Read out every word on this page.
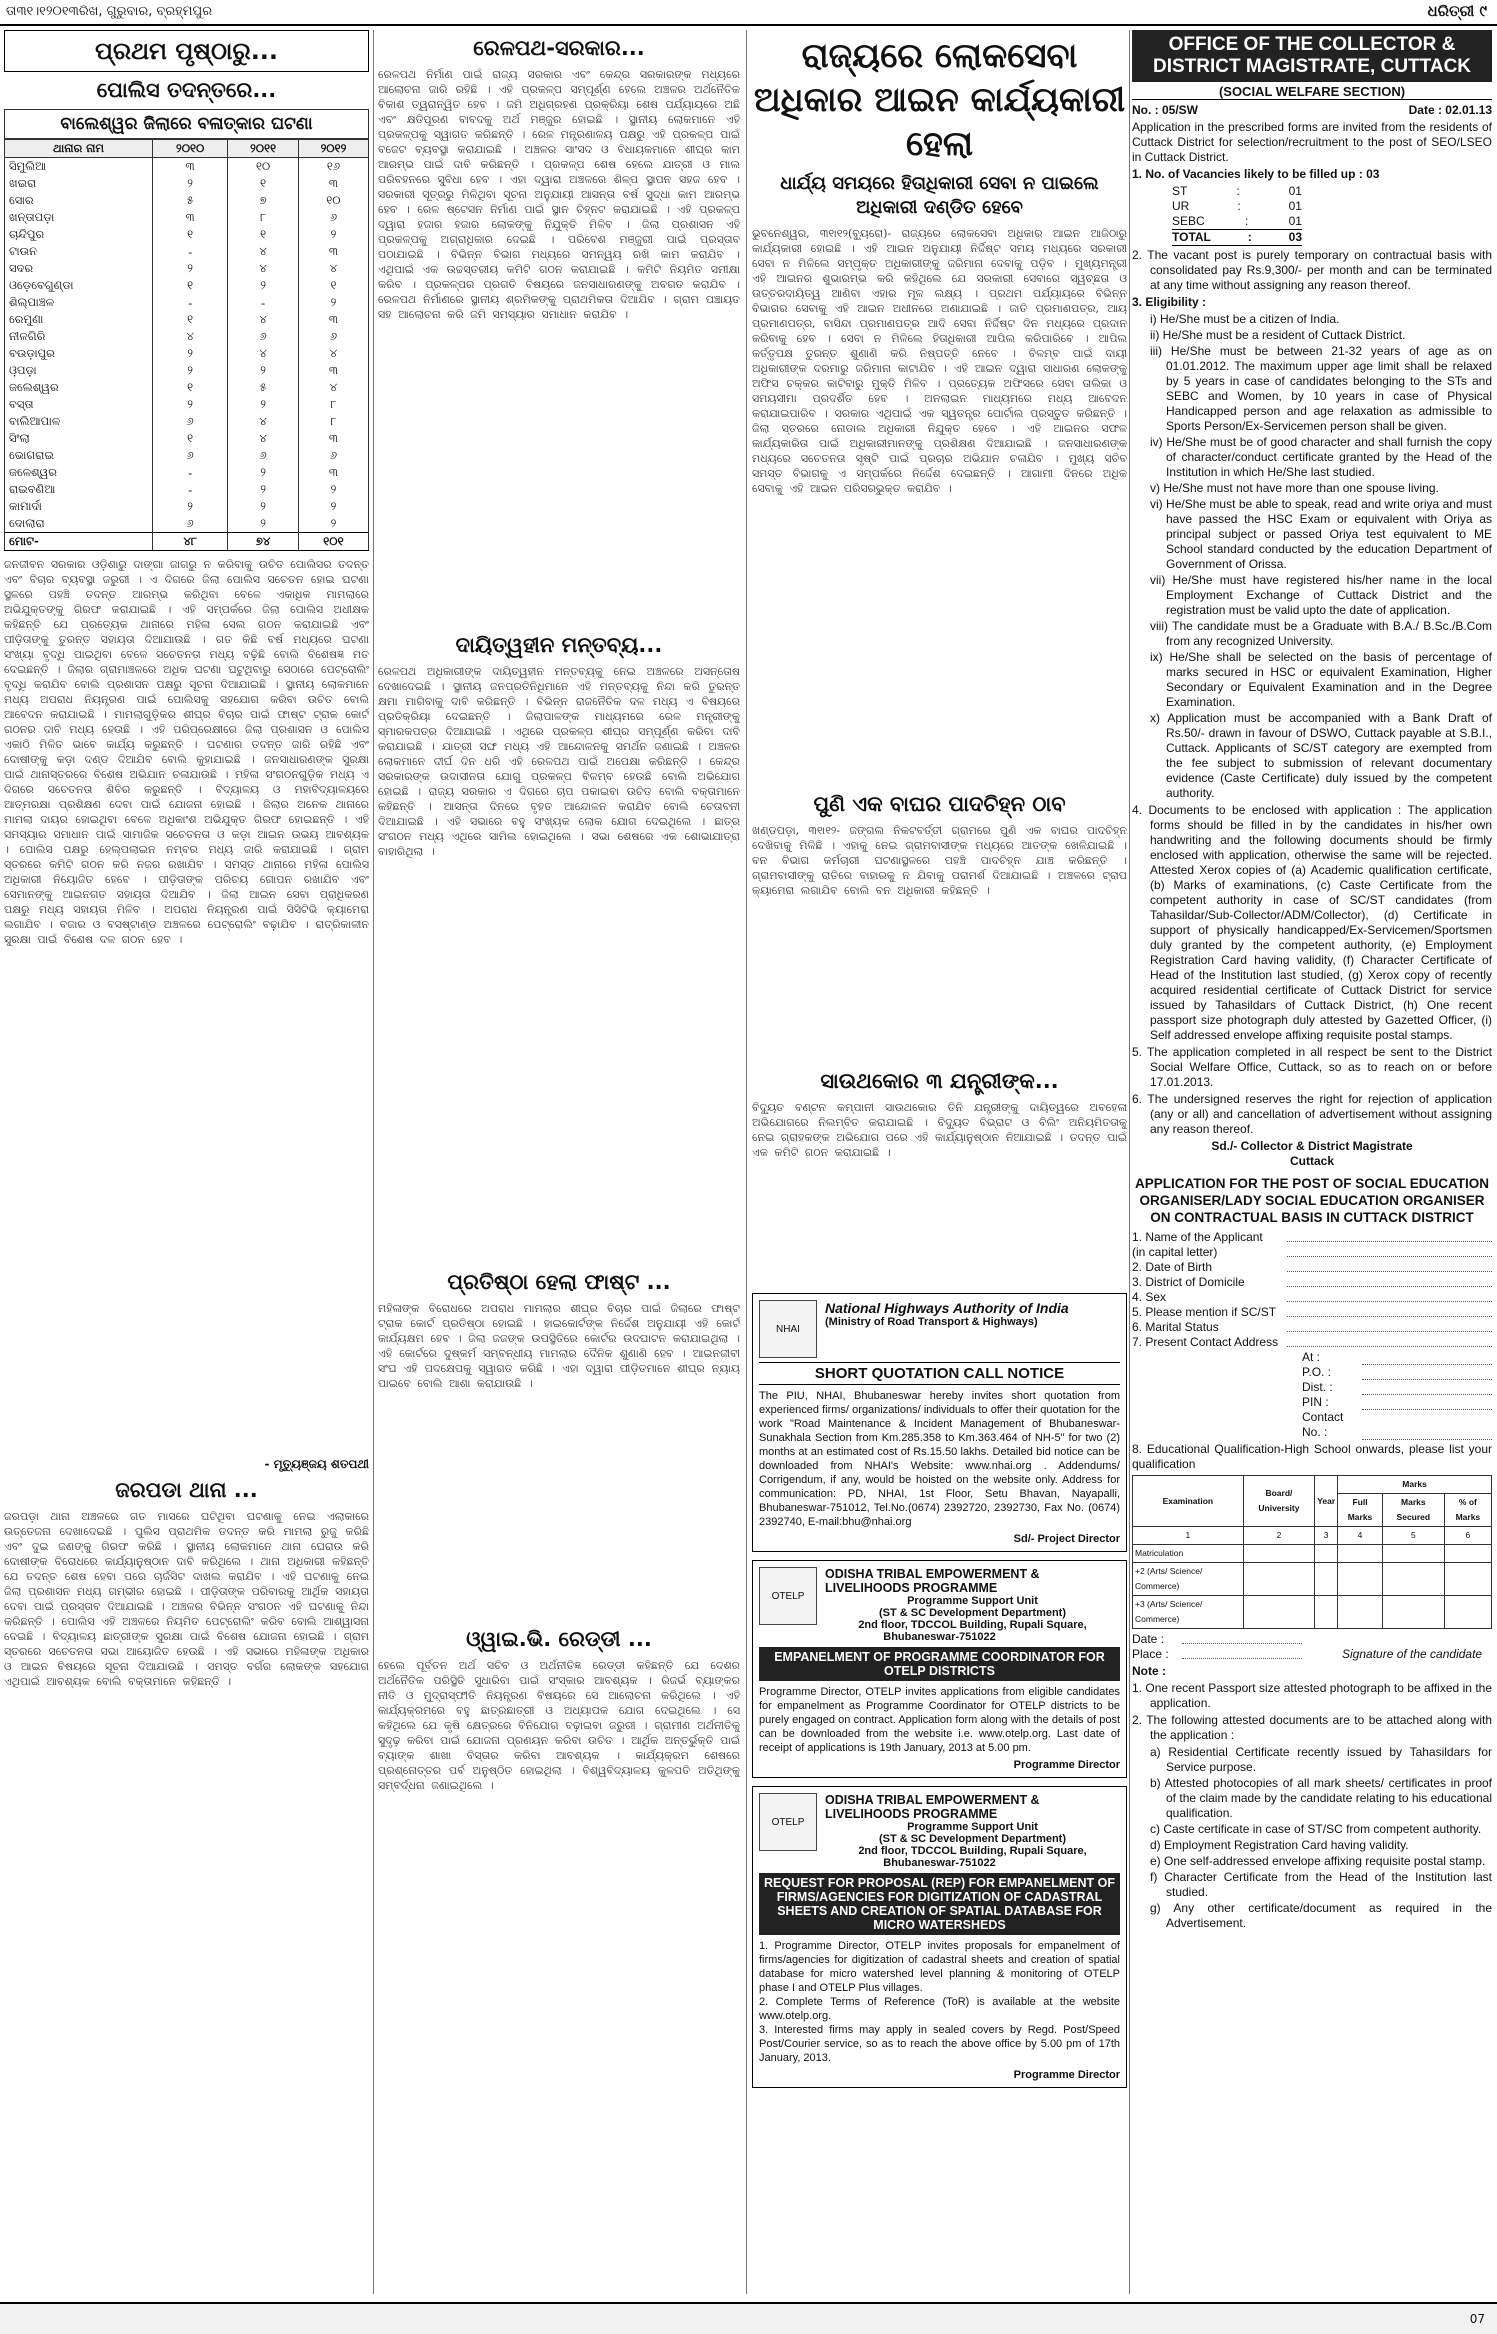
ତା୩୧।୧୨୦୧୩ରିଖ, ଗୁରୁବାର, ବ୍ରହ୍ମପୁର	ଧରିତ୍ରୀ ୯
ପ୍ରଥମ ପୃଷ୍ଠାରୁ...
ପୋଲିସ ତଦନ୍ତରେ...
ବାଲେଶ୍ୱର ଜିଲାରେ ବଳାତ୍କାର ଘଟଣା
ଥାନାର ନାମ	୨୦୧୦	୨୦୧୧	୨୦୧୨
ସିମୁଲିଆ	୩	୧୦	୧୬
ଖଇରା	୨	୧	୩
ସୋର	୫	୭	୧୦
ଖନ୍ତାପଡ଼ା	୩	୮	୬
ଚାନ୍ଦିପୁର	୧	୧	୨
ଟାଉନ	-	୪	୩
ସଦର	୨	୪	୪
ଓଡ଼େବେଗୁଣ୍ଡା	୧	୨	୧
ଶିଲ୍ପାଞ୍ଚଳ	-	-	୨
ରେମୁଣା	୧	୪	୩
ନୀଳଗିରି	୪	୬	୬
ବଉଡ଼ାପୁର	୨	୪	୪
ଓ଼ପଡ଼ା	୨	୨	୩
ଜଲେଶ୍ୱର	୧	୫	୪
ବସ୍ତା	୨	୨	୮
ବାଲିଆପାଳ	୬	୪	୮
ସିଂଲା	୧	୪	୩
ଭୋଗରାଇ	୬	୬	୬
ଜଳେଶ୍ୱର	-	୨	୩
ରାଇବଣିଆ	-	୨	୨
କାମାର୍ଦା	୨	୨	୨
ଦୋଲାରା	୬	୨	୨
ମୋଟ-	୪୮	୭୪	୧୦୧
ଜନଜୀବନ ସରକାର ଓଡ଼ିଶାରୁ ଦାଙ୍ଗା ଜାଗରୁ ନ କରିବାକୁ ଉଚିତ ପୋଲିସର ତଦନ୍ତ ଏବଂ ବିଚାର ବ୍ୟବସ୍ଥା ଜରୁରୀ । ଏ ଦିଗରେ ଜିଲା ପୋଲିସ ସଚେତନ ହୋଇ ଘଟଣା ସ୍ଥଳରେ ପହଞ୍ଚି ତଦନ୍ତ ଆରମ୍ଭ କରିଥିବା ବେଳେ ଏକାଧିକ ମାମଲାରେ ଅଭିଯୁକ୍ତଙ୍କୁ ଗିରଫ କରାଯାଇଛି । ଏହି ସମ୍ପର୍କରେ ଜିଲା ପୋଲିସ ଅଧୀକ୍ଷକ କହିଛନ୍ତି ଯେ ପ୍ରତ୍ୟେକ ଥାନାରେ ମହିଳା ସେଲ ଗଠନ କରାଯାଇଛି ଏବଂ ପୀଡ଼ିତାଙ୍କୁ ତୁରନ୍ତ ସହାୟତା ଦିଆଯାଉଛି । ଗତ କିଛି ବର୍ଷ ମଧ୍ୟରେ ଘଟଣା ସଂଖ୍ୟା ବୃଦ୍ଧି ପାଇଥିବା ବେଳେ ସଚେତନତା ମଧ୍ୟ ବଢ଼ିଛି ବୋଲି ବିଶେଷଜ୍ଞ ମତ ଦେଇଛନ୍ତି । ଜିଲାର ଗ୍ରାମାଞ୍ଚଳରେ ଅଧିକ ଘଟଣା ଘଟୁଥିବାରୁ ସେଠାରେ ପେଟ୍ରୋଲିଂ ବୃଦ୍ଧି କରାଯିବ ବୋଲି ପ୍ରଶାସନ ପକ୍ଷରୁ ସୂଚନା ଦିଆଯାଇଛି । ସ୍ଥାନୀୟ ଲୋକମାନେ ମଧ୍ୟ ଅପରାଧ ନିୟନ୍ତ୍ରଣ ପାଇଁ ପୋଲିସକୁ ସହଯୋଗ କରିବା ଉଚିତ ବୋଲି ଆବେଦନ କରାଯାଇଛି । ମାମଲାଗୁଡ଼ିକର ଶୀଘ୍ର ବିଚାର ପାଇଁ ଫାଷ୍ଟ ଟ୍ରାକ କୋର୍ଟ ଗଠନର ଦାବି ମଧ୍ୟ ହେଉଛି । ଏହି ପରିପ୍ରେକ୍ଷୀରେ ଜିଲା ପ୍ରଶାସନ ଓ ପୋଲିସ ଏକାଠି ମିଳିତ ଭାବେ କାର୍ଯ୍ୟ କରୁଛନ୍ତି । ଘଟଣାର ତଦନ୍ତ ଜାରି ରହିଛି ଏବଂ ଦୋଷୀଙ୍କୁ କଡ଼ା ଦଣ୍ଡ ଦିଆଯିବ ବୋଲି କୁହାଯାଇଛି । ଜନସାଧାରଣଙ୍କ ସୁରକ୍ଷା ପାଇଁ ଥାନାସ୍ତରରେ ବିଶେଷ ଅଭିଯାନ ଚଳାଯାଉଛି । ମହିଳା ସଂଗଠନଗୁଡ଼ିକ ମଧ୍ୟ ଏ ଦିଗରେ ସଚେତନତା ଶିବିର କରୁଛନ୍ତି । ବିଦ୍ୟାଳୟ ଓ ମହାବିଦ୍ୟାଳୟରେ ଆତ୍ମରକ୍ଷା ପ୍ରଶିକ୍ଷଣ ଦେବା ପାଇଁ ଯୋଜନା ହୋଇଛି । ଜିଲାର ଅନେକ ଥାନାରେ ମାମଲା ଦାୟର ହୋଇଥିବା ବେଳେ ଅଧିକାଂଶ ଅଭିଯୁକ୍ତ ଗିରଫ ହୋଇଛନ୍ତି । ଏହି ସମସ୍ୟାର ସମାଧାନ ପାଇଁ ସାମାଜିକ ସଚେତନତା ଓ କଡ଼ା ଆଇନ ଉଭୟ ଆବଶ୍ୟକ । ପୋଲିସ ପକ୍ଷରୁ ହେଲ୍ପଲାଇନ ନମ୍ବର ମଧ୍ୟ ଜାରି କରାଯାଇଛି । ଗ୍ରାମ ସ୍ତରରେ କମିଟି ଗଠନ କରି ନଜର ରଖାଯିବ । ସମସ୍ତ ଥାନାରେ ମହିଳା ପୋଲିସ ଅଧିକାରୀ ନିୟୋଜିତ ହେବେ । ପୀଡ଼ିତାଙ୍କ ପରିଚୟ ଗୋପନ ରଖାଯିବ ଏବଂ ସେମାନଙ୍କୁ ଆଇନଗତ ସହାୟତା ଦିଆଯିବ । ଜିଲା ଆଇନ ସେବା ପ୍ରାଧିକରଣ ପକ୍ଷରୁ ମଧ୍ୟ ସହାୟତା ମିଳିବ । ଅପରାଧ ନିୟନ୍ତ୍ରଣ ପାଇଁ ସିସିଟିଭି କ୍ୟାମେରା ଲଗାଯିବ । ବଜାର ଓ ବସଷ୍ଟାଣ୍ଡ ଅଞ୍ଚଳରେ ପେଟ୍ରୋଲିଂ ବଢ଼ାଯିବ । ରାତ୍ରିକାଳୀନ ସୁରକ୍ଷା ପାଇଁ ବିଶେଷ ଦଳ ଗଠନ ହେବ ।
- ମୃତ୍ୟୁଞ୍ଜୟ ଶତପଥୀ
ଜରପଡା ଥାନା ...
ଜରପଡ଼ା ଥାନା ଅଞ୍ଚଳରେ ଗତ ମାସରେ ଘଟିଥିବା ଘଟଣାକୁ ନେଇ ଏଲାକାରେ ଉତ୍ତେଜନା ଦେଖାଦେଇଛି । ପୁଲିସ ପ୍ରାଥମିକ ତଦନ୍ତ କରି ମାମଲା ରୁଜୁ କରିଛି ଏବଂ ଦୁଇ ଜଣଙ୍କୁ ଗିରଫ କରିଛି । ସ୍ଥାନୀୟ ଲୋକମାନେ ଥାନା ଘେରାଉ କରି ଦୋଷୀଙ୍କ ବିରୋଧରେ କାର୍ଯ୍ୟାନୁଷ୍ଠାନ ଦାବି କରିଥିଲେ । ଥାନା ଅଧିକାରୀ କହିଛନ୍ତି ଯେ ତଦନ୍ତ ଶେଷ ହେବା ପରେ ଚାର୍ଜସିଟ ଦାଖଲ କରାଯିବ । ଏହି ଘଟଣାକୁ ନେଇ ଜିଲା ପ୍ରଶାସନ ମଧ୍ୟ ଗମ୍ଭୀର ହୋଇଛି । ପୀଡ଼ିତାଙ୍କ ପରିବାରକୁ ଆର୍ଥିକ ସହାୟତା ଦେବା ପାଇଁ ପ୍ରସ୍ତାବ ଦିଆଯାଇଛି । ଅଞ୍ଚଳର ବିଭିନ୍ନ ସଂଗଠନ ଏହି ଘଟଣାକୁ ନିନ୍ଦା କରିଛନ୍ତି । ପୋଲିସ ଏହି ଅଞ୍ଚଳରେ ନିୟମିତ ପେଟ୍ରୋଲିଂ କରିବ ବୋଲି ଆଶ୍ୱାସନା ଦେଇଛି । ବିଦ୍ୟାଳୟ ଛାତ୍ରୀଙ୍କ ସୁରକ୍ଷା ପାଇଁ ବିଶେଷ ଯୋଜନା ହୋଇଛି । ଗ୍ରାମ ସ୍ତରରେ ସଚେତନତା ସଭା ଆୟୋଜିତ ହେଉଛି । ଏହି ସଭାରେ ମହିଳାଙ୍କ ଅଧିକାର ଓ ଆଇନ ବିଷୟରେ ସୂଚନା ଦିଆଯାଉଛି । ସମସ୍ତ ବର୍ଗର ଲୋକଙ୍କ ସହଯୋଗ ଏଥିପାଇଁ ଆବଶ୍ୟକ ବୋଲି ବକ୍ତାମାନେ କହିଛନ୍ତି ।
ରେଳପଥ-ସରକାର...
ରେଳପଥ ନିର୍ମାଣ ପାଇଁ ରାଜ୍ୟ ସରକାର ଏବଂ କେନ୍ଦ୍ର ସରକାରଙ୍କ ମଧ୍ୟରେ ଆଲୋଚନା ଜାରି ରହିଛି । ଏହି ପ୍ରକଳ୍ପ ସମ୍ପୂର୍ଣ୍ଣ ହେଲେ ଅଞ୍ଚଳର ଅର୍ଥନୈତିକ ବିକାଶ ତ୍ୱରାନ୍ୱିତ ହେବ । ଜମି ଅଧିଗ୍ରହଣ ପ୍ରକ୍ରିୟା ଶେଷ ପର୍ଯ୍ୟାୟରେ ଅଛି ଏବଂ କ୍ଷତିପୂରଣ ବାବଦକୁ ଅର୍ଥ ମଞ୍ଜୁର ହୋଇଛି । ସ୍ଥାନୀୟ ଲୋକମାନେ ଏହି ପ୍ରକଳ୍ପକୁ ସ୍ୱାଗତ କରିଛନ୍ତି । ରେଳ ମନ୍ତ୍ରଣାଳୟ ପକ୍ଷରୁ ଏହି ପ୍ରକଳ୍ପ ପାଇଁ ବଜେଟ ବ୍ୟବସ୍ଥା କରାଯାଇଛି । ଅଞ୍ଚଳର ସାଂସଦ ଓ ବିଧାୟକମାନେ ଶୀଘ୍ର କାମ ଆରମ୍ଭ ପାଇଁ ଦାବି କରିଛନ୍ତି । ପ୍ରକଳ୍ପ ଶେଷ ହେଲେ ଯାତ୍ରୀ ଓ ମାଲ ପରିବହନରେ ସୁବିଧା ହେବ । ଏହା ଦ୍ୱାରା ଅଞ୍ଚଳରେ ଶିଳ୍ପ ସ୍ଥାପନ ସହଜ ହେବ । ସରକାରୀ ସୂତ୍ରରୁ ମିଳିଥିବା ସୂଚନା ଅନୁଯାୟୀ ଆସନ୍ତା ବର୍ଷ ସୁଦ୍ଧା କାମ ଆରମ୍ଭ ହେବ । ରେଳ ଷ୍ଟେସନ ନିର୍ମାଣ ପାଇଁ ସ୍ଥାନ ଚିହ୍ନଟ କରାଯାଇଛି । ଏହି ପ୍ରକଳ୍ପ ଦ୍ୱାରା ହଜାର ହଜାର ଲୋକଙ୍କୁ ନିଯୁକ୍ତି ମିଳିବ । ଜିଲା ପ୍ରଶାସନ ଏହି ପ୍ରକଳ୍ପକୁ ଅଗ୍ରାଧିକାର ଦେଇଛି । ପରିବେଶ ମଞ୍ଜୁରୀ ପାଇଁ ପ୍ରସ୍ତାବ ପଠାଯାଇଛି । ବିଭିନ୍ନ ବିଭାଗ ମଧ୍ୟରେ ସମନ୍ୱୟ ରଖି କାମ କରାଯିବ । ଏଥିପାଇଁ ଏକ ଉଚ୍ଚସ୍ତରୀୟ କମିଟି ଗଠନ କରାଯାଇଛି । କମିଟି ନିୟମିତ ସମୀକ୍ଷା କରିବ । ପ୍ରକଳ୍ପର ପ୍ରଗତି ବିଷୟରେ ଜନସାଧାରଣଙ୍କୁ ଅବଗତ କରାଯିବ । ରେଳପଥ ନିର୍ମାଣରେ ସ୍ଥାନୀୟ ଶ୍ରମିକଙ୍କୁ ପ୍ରାଥମିକତା ଦିଆଯିବ । ଗ୍ରାମ ପଞ୍ଚାୟତ ସହ ଆଲୋଚନା କରି ଜମି ସମସ୍ୟାର ସମାଧାନ କରାଯିବ ।
ଦାୟିତ୍ୱହୀନ ମନ୍ତବ୍ୟ...
ରେଳପଥ ଅଧିକାରୀଙ୍କ ଦାୟିତ୍ୱହୀନ ମନ୍ତବ୍ୟକୁ ନେଇ ଅଞ୍ଚଳରେ ଅସନ୍ତୋଷ ଦେଖାଦେଇଛି । ସ୍ଥାନୀୟ ଜନପ୍ରତିନିଧିମାନେ ଏହି ମନ୍ତବ୍ୟକୁ ନିନ୍ଦା କରି ତୁରନ୍ତ କ୍ଷମା ମାଗିବାକୁ ଦାବି କରିଛନ୍ତି । ବିଭିନ୍ନ ରାଜନୈତିକ ଦଳ ମଧ୍ୟ ଏ ବିଷୟରେ ପ୍ରତିକ୍ରିୟା ଦେଇଛନ୍ତି । ଜିଲାପାଳଙ୍କ ମାଧ୍ୟମରେ ରେଳ ମନ୍ତ୍ରୀଙ୍କୁ ସ୍ମାରକପତ୍ର ଦିଆଯାଇଛି । ଏଥିରେ ପ୍ରକଳ୍ପ ଶୀଘ୍ର ସମ୍ପୂର୍ଣ୍ଣ କରିବା ଦାବି କରାଯାଇଛି । ଯାତ୍ରୀ ସଙ୍ଘ ମଧ୍ୟ ଏହି ଆନ୍ଦୋଳନକୁ ସମର୍ଥନ ଜଣାଇଛି । ଅଞ୍ଚଳର ଲୋକମାନେ ଦୀର୍ଘ ଦିନ ଧରି ଏହି ରେଳପଥ ପାଇଁ ଅପେକ୍ଷା କରିଛନ୍ତି । କେନ୍ଦ୍ର ସରକାରଙ୍କ ଉଦାସୀନତା ଯୋଗୁ ପ୍ରକଳ୍ପ ବିଳମ୍ବ ହେଉଛି ବୋଲି ଅଭିଯୋଗ ହୋଇଛି । ରାଜ୍ୟ ସରକାର ଏ ଦିଗରେ ଚାପ ପକାଇବା ଉଚିତ ବୋଲି ବକ୍ତାମାନେ କହିଛନ୍ତି । ଆସନ୍ତା ଦିନରେ ବୃହତ ଆନ୍ଦୋଳନ କରାଯିବ ବୋଲି ଚେତାବନୀ ଦିଆଯାଇଛି । ଏହି ସଭାରେ ବହୁ ସଂଖ୍ୟକ ଲୋକ ଯୋଗ ଦେଇଥିଲେ । ଛାତ୍ର ସଂଗଠନ ମଧ୍ୟ ଏଥିରେ ସାମିଲ ହୋଇଥିଲେ । ସଭା ଶେଷରେ ଏକ ଶୋଭାଯାତ୍ରା ବାହାରିଥିଲା ।
ପ୍ରତିଷ୍ଠା ହେଲା ଫାଷ୍ଟ ...
ମହିଳାଙ୍କ ବିରୋଧରେ ଅପରାଧ ମାମଲାର ଶୀଘ୍ର ବିଚାର ପାଇଁ ଜିଲାରେ ଫାଷ୍ଟ ଟ୍ରାକ କୋର୍ଟ ପ୍ରତିଷ୍ଠା ହୋଇଛି । ହାଇକୋର୍ଟଙ୍କ ନିର୍ଦ୍ଦେଶ ଅନୁଯାୟୀ ଏହି କୋର୍ଟ କାର୍ଯ୍ୟକ୍ଷମ ହେବ । ଜିଲା ଜଜଙ୍କ ଉପସ୍ଥିତିରେ କୋର୍ଟର ଉଦଘାଟନ କରାଯାଇଥିଲା । ଏହି କୋର୍ଟରେ ଦୁଷ୍କର୍ମ ସମ୍ବନ୍ଧୀୟ ମାମଲାର ଦୈନିକ ଶୁଣାଣି ହେବ । ଆଇନଜୀବୀ ସଂଘ ଏହି ପଦକ୍ଷେପକୁ ସ୍ୱାଗତ କରିଛି । ଏହା ଦ୍ୱାରା ପୀଡ଼ିତମାନେ ଶୀଘ୍ର ନ୍ୟାୟ ପାଇବେ ବୋଲି ଆଶା କରାଯାଉଛି ।
ଓ୍ୱାଇ.ଭି. ରେଡ୍ଡୀ ...
ହେଲେ ପୂର୍ବତନ ଅର୍ଥ ସଚିବ ଓ ଅର୍ଥନୀତିଜ୍ଞ ରେଡ୍ଡୀ କହିଛନ୍ତି ଯେ ଦେଶର ଅର୍ଥନୈତିକ ପରିସ୍ଥିତି ସୁଧାରିବା ପାଇଁ ସଂସ୍କାର ଆବଶ୍ୟକ । ରିଜର୍ଭ ବ୍ୟାଙ୍କର ନୀତି ଓ ମୁଦ୍ରାସ୍ଫୀତି ନିୟନ୍ତ୍ରଣ ବିଷୟରେ ସେ ଆଲୋଚନା କରିଥିଲେ । ଏହି କାର୍ଯ୍ୟକ୍ରମରେ ବହୁ ଛାତ୍ରଛାତ୍ରୀ ଓ ଅଧ୍ୟାପକ ଯୋଗ ଦେଇଥିଲେ । ସେ କହିଥିଲେ ଯେ କୃଷି କ୍ଷେତ୍ରରେ ବିନିଯୋଗ ବଢ଼ାଇବା ଜରୁରୀ । ଗ୍ରାମୀଣ ଅର୍ଥନୀତିକୁ ସୁଦୃଢ଼ କରିବା ପାଇଁ ଯୋଜନା ପ୍ରଣୟନ କରିବା ଉଚିତ । ଆର୍ଥିକ ଅନ୍ତର୍ଭୁକ୍ତି ପାଇଁ ବ୍ୟାଙ୍କ ଶାଖା ବିସ୍ତାର କରିବା ଆବଶ୍ୟକ । କାର୍ଯ୍ୟକ୍ରମ ଶେଷରେ ପ୍ରଶ୍ନୋତ୍ତର ପର୍ବ ଅନୁଷ୍ଠିତ ହୋଇଥିଲା । ବିଶ୍ୱବିଦ୍ୟାଳୟ କୁଳପତି ଅତିଥିଙ୍କୁ ସମ୍ବର୍ଦ୍ଧନା ଜଣାଇଥିଲେ ।
ରାଜ୍ୟରେ ଲୋକସେବା ଅଧିକାର ଆଇନ କାର୍ଯ୍ୟକାରୀ ହେଲା
ଧାର୍ଯ୍ୟ ସମୟରେ ହିତାଧିକାରୀ ସେବା ନ ପାଇଲେ ଅଧିକାରୀ ଦଣ୍ଡିତ ହେବେ
ଭୁବନେଶ୍ୱର, ୩୧ା୧୨(ବ୍ୟୁରୋ)- ରାଜ୍ୟରେ ଲୋକସେବା ଅଧିକାର ଆଇନ ଆଜିଠାରୁ କାର୍ଯ୍ୟକାରୀ ହୋଇଛି । ଏହି ଆଇନ ଅନୁଯାୟୀ ନିର୍ଦ୍ଦିଷ୍ଟ ସମୟ ମଧ୍ୟରେ ସରକାରୀ ସେବା ନ ମିଳିଲେ ସମ୍ପୃକ୍ତ ଅଧିକାରୀଙ୍କୁ ଜରିମାନା ଦେବାକୁ ପଡ଼ିବ । ମୁଖ୍ୟମନ୍ତ୍ରୀ ଏହି ଆଇନର ଶୁଭାରମ୍ଭ କରି କହିଥିଲେ ଯେ ସରକାରୀ ସେବାରେ ସ୍ୱଚ୍ଛତା ଓ ଉତ୍ତରଦାୟିତ୍ୱ ଆଣିବା ଏହାର ମୂଳ ଲକ୍ଷ୍ୟ । ପ୍ରଥମ ପର୍ଯ୍ୟାୟରେ ବିଭିନ୍ନ ବିଭାଗର ସେବାକୁ ଏହି ଆଇନ ଅଧୀନରେ ଅଣାଯାଇଛି । ଜାତି ପ୍ରମାଣପତ୍ର, ଆୟ ପ୍ରମାଣପତ୍ର, ବାସିନ୍ଦା ପ୍ରମାଣପତ୍ର ଆଦି ସେବା ନିର୍ଦ୍ଦିଷ୍ଟ ଦିନ ମଧ୍ୟରେ ପ୍ରଦାନ କରିବାକୁ ହେବ । ସେବା ନ ମିଳିଲେ ହିତାଧିକାରୀ ଆପିଲ କରିପାରିବେ । ଆପିଲ କର୍ତ୍ତୃପକ୍ଷ ତୁରନ୍ତ ଶୁଣାଣି କରି ନିଷ୍ପତ୍ତି ନେବେ । ବିଳମ୍ବ ପାଇଁ ଦାୟୀ ଅଧିକାରୀଙ୍କ ଦରମାରୁ ଜରିମାନା କାଟାଯିବ । ଏହି ଆଇନ ଦ୍ୱାରା ସାଧାରଣ ଲୋକଙ୍କୁ ଅଫିସ ଚକ୍କର କାଟିବାରୁ ମୁକ୍ତି ମିଳିବ । ପ୍ରତ୍ୟେକ ଅଫିସରେ ସେବା ତାଲିକା ଓ ସମୟସୀମା ପ୍ରଦର୍ଶିତ ହେବ । ଅନଲାଇନ ମାଧ୍ୟମରେ ମଧ୍ୟ ଆବେଦନ କରାଯାଇପାରିବ । ସରକାର ଏଥିପାଇଁ ଏକ ସ୍ୱତନ୍ତ୍ର ପୋର୍ଟାଲ ପ୍ରସ୍ତୁତ କରିଛନ୍ତି । ଜିଲା ସ୍ତରରେ ନୋଡାଲ ଅଧିକାରୀ ନିଯୁକ୍ତ ହେବେ । ଏହି ଆଇନର ସଫଳ କାର୍ଯ୍ୟକାରିତା ପାଇଁ ଅଧିକାରୀମାନଙ୍କୁ ପ୍ରଶିକ୍ଷଣ ଦିଆଯାଇଛି । ଜନସାଧାରଣଙ୍କ ମଧ୍ୟରେ ସଚେତନତା ସୃଷ୍ଟି ପାଇଁ ପ୍ରଚାର ଅଭିଯାନ ଚଳାଯିବ । ମୁଖ୍ୟ ସଚିବ ସମସ୍ତ ବିଭାଗକୁ ଏ ସମ୍ପର୍କରେ ନିର୍ଦ୍ଦେଶ ଦେଇଛନ୍ତି । ଆଗାମୀ ଦିନରେ ଅଧିକ ସେବାକୁ ଏହି ଆଇନ ପରିସରଭୁକ୍ତ କରାଯିବ ।
ପୁଣି ଏକ ବାଘର ପାଦଚିହ୍ନ ଠାବ
ଖଣ୍ଡପଡ଼ା, ୩୧ା୧୨- ଜଙ୍ଗଲ ନିକଟବର୍ତ୍ତୀ ଗ୍ରାମରେ ପୁଣି ଏକ ବାଘର ପାଦଚିହ୍ନ ଦେଖିବାକୁ ମିଳିଛି । ଏହାକୁ ନେଇ ଗ୍ରାମବାସୀଙ୍କ ମଧ୍ୟରେ ଆତଙ୍କ ଖେଳିଯାଇଛି । ବନ ବିଭାଗ କର୍ମଚାରୀ ଘଟଣାସ୍ଥଳରେ ପହଞ୍ଚି ପାଦଚିହ୍ନ ଯାଞ୍ଚ କରିଛନ୍ତି । ଗ୍ରାମବାସୀଙ୍କୁ ରାତିରେ ବାହାରକୁ ନ ଯିବାକୁ ପରାମର୍ଶ ଦିଆଯାଇଛି । ଅଞ୍ଚଳରେ ଟ୍ରାପ କ୍ୟାମେରା ଲଗାଯିବ ବୋଲି ବନ ଅଧିକାରୀ କହିଛନ୍ତି ।
ସାଉଥକୋର ୩ ଯନ୍ତ୍ରୀଙ୍କ...
ବିଦ୍ୟୁତ ବଣ୍ଟନ କମ୍ପାନୀ ସାଉଥକୋର ତିନି ଯନ୍ତ୍ରୀଙ୍କୁ ଦାୟିତ୍ୱରେ ଅବହେଳା ଅଭିଯୋଗରେ ନିଲମ୍ବିତ କରାଯାଇଛି । ବିଦ୍ୟୁତ ବିଭ୍ରାଟ ଓ ବିଲିଂ ଅନିୟମିତତାକୁ ନେଇ ଗ୍ରାହକଙ୍କ ଅଭିଯୋଗ ପରେ ଏହି କାର୍ଯ୍ୟାନୁଷ୍ଠାନ ନିଆଯାଇଛି । ତଦନ୍ତ ପାଇଁ ଏକ କମିଟି ଗଠନ କରାଯାଇଛି ।
NHAI
National Highways Authority of India
(Ministry of Road Transport & Highways)
SHORT QUOTATION CALL NOTICE
The PIU, NHAI, Bhubaneswar hereby invites short quotation from experienced firms/ organizations/ individuals to offer their quotation for the work "Road Maintenance & Incident Management of Bhubaneswar-Sunakhala Section from Km.285.358 to Km.363.464 of NH-5" for two (2) months at an estimated cost of Rs.15.50 lakhs. Detailed bid notice can be downloaded from NHAI's Website: www.nhai.org . Addendums/ Corrigendum, if any, would be hoisted on the website only. Address for communication: PD, NHAI, 1st Floor, Setu Bhavan, Nayapalli, Bhubaneswar-751012, Tel.No.(0674) 2392720, 2392730, Fax No. (0674) 2392740, E-mail:bhu@nhai.org
Sd/- Project Director
OTELP
ODISHA TRIBAL EMPOWERMENT & LIVELIHOODS PROGRAMME
Programme Support Unit
(ST & SC Development Department)
2nd floor, TDCCOL Building, Rupali Square, Bhubaneswar-751022
EMPANELMENT OF PROGRAMME COORDINATOR FOR OTELP DISTRICTS
Programme Director, OTELP invites applications from eligible candidates for empanelment as Programme Coordinator for OTELP districts to be purely engaged on contract. Application form along with the details of post can be downloaded from the website i.e. www.otelp.org. Last date of receipt of applications is 19th January, 2013 at 5.00 pm.
Programme Director
OTELP
ODISHA TRIBAL EMPOWERMENT & LIVELIHOODS PROGRAMME
Programme Support Unit
(ST & SC Development Department)
2nd floor, TDCCOL Building, Rupali Square, Bhubaneswar-751022
REQUEST FOR PROPOSAL (REP) FOR EMPANELMENT OF FIRMS/AGENCIES FOR DIGITIZATION OF CADASTRAL SHEETS AND CREATION OF SPATIAL DATABASE FOR MICRO WATERSHEDS
1. Programme Director, OTELP invites proposals for empanelment of firms/agencies for digitization of cadastral sheets and creation of spatial database for micro watershed level planning & monitoring of OTELP phase I and OTELP Plus villages.
2. Complete Terms of Reference (ToR) is available at the website www.otelp.org.
3. Interested firms may apply in sealed covers by Regd. Post/Speed Post/Courier service, so as to reach the above office by 5.00 pm of 17th January, 2013.
Programme Director
OFFICE OF THE COLLECTOR & DISTRICT MAGISTRATE, CUTTACK
(SOCIAL WELFARE SECTION)
No. : 05/SW	Date : 02.01.13

Application in the prescribed forms are invited from the residents of Cuttack District for selection/recruitment to the post of SEO/LSEO in Cuttack District.

1. No. of Vacancies likely to be filled up : 03

ST	:	01
UR	:	01
SEBC	:	01
TOTAL	:	03

2. The vacant post is purely temporary on contractual basis with consolidated pay Rs.9,300/- per month and can be terminated at any time without assigning any reason thereof.

3. Eligibility :

i) He/She must be a citizen of India.

ii) He/She must be a resident of Cuttack District.

iii) He/She must be between 21-32 years of age as on 01.01.2012. The maximum upper age limit shall be relaxed by 5 years in case of candidates belonging to the STs and SEBC and Women, by 10 years in case of Physical Handicapped person and age relaxation as admissible to Sports Person/Ex-Servicemen person shall be given.

iv) He/She must be of good character and shall furnish the copy of character/conduct certificate granted by the Head of the Institution in which He/She last studied.

v) He/She must not have more than one spouse living.

vi) He/She must be able to speak, read and write oriya and must have passed the HSC Exam or equivalent with Oriya as principal subject or passed Oriya test equivalent to ME School standard conducted by the education Department of Government of Orissa.

vii) He/She must have registered his/her name in the local Employment Exchange of Cuttack District and the registration must be valid upto the date of application.

viii) The candidate must be a Graduate with B.A./ B.Sc./B.Com from any recognized University.

ix) He/She shall be selected on the basis of percentage of marks secured in HSC or equivalent Examination, Higher Secondary or Equivalent Examination and in the Degree Examination.

x) Application must be accompanied with a Bank Draft of Rs.50/- drawn in favour of DSWO, Cuttack payable at S.B.I., Cuttack. Applicants of SC/ST category are exempted from the fee subject to submission of relevant documentary evidence (Caste Certificate) duly issued by the competent authority.

4. Documents to be enclosed with application : The application forms should be filled in by the candidates in his/her own handwriting and the following documents should be firmly enclosed with application, otherwise the same will be rejected. Attested Xerox copies of (a) Academic qualification certificate, (b) Marks of examinations, (c) Caste Certificate from the competent authority in case of SC/ST candidates (from Tahasildar/Sub-Collector/ADM/Collector), (d) Certificate in support of physically handicapped/Ex-Servicemen/Sportsmen duly granted by the competent authority, (e) Employment Registration Card having validity, (f) Character Certificate of Head of the Institution last studied, (g) Xerox copy of recently acquired residential certificate of Cuttack District for service issued by Tahasildars of Cuttack District, (h) One recent passport size photograph duly attested by Gazetted Officer, (i) Self addressed envelope affixing requisite postal stamps.

5. The application completed in all respect be sent to the District Social Welfare Office, Cuttack, so as to reach on or before 17.01.2013.

6. The undersigned reserves the right for rejection of application (any or all) and cancellation of advertisement without assigning any reason thereof.

Sd./- Collector & District Magistrate
Cuttack
APPLICATION FOR THE POST OF SOCIAL EDUCATION ORGANISER/LADY SOCIAL EDUCATION ORGANISER ON CONTRACTUAL BASIS IN CUTTACK DISTRICT
1. Name of the Applicant
(in capital letter)
2. Date of Birth
3. District of Domicile
4. Sex
5. Please mention if SC/ST
6. Marital Status
7. Present Contact Address
At :
P.O. :
Dist. :
PIN :
Contact No. :

8. Educational Qualification-High School onwards, please list your qualification

Examination	Board/ University	Year	Marks		
			Full Marks	Marks Secured	% of Marks
1	2	3	4	5	6
Matriculation					
+2 (Arts/ Science/ Commerce)					
+3 (Arts/ Science/ Commerce)					
Date :
Place :	Signature of the candidate

Note :

1. One recent Passport size attested photograph to be affixed in the application.

2. The following attested documents are to be attached along with the application :

a) Residential Certificate recently issued by Tahasildars for Service purpose.

b) Attested photocopies of all mark sheets/ certificates in proof of the claim made by the candidate relating to his educational qualification.

c) Caste certificate in case of ST/SC from competent authority.

d) Employment Registration Card having validity.

e) One self-addressed envelope affixing requisite postal stamp.

f) Character Certificate from the Head of the Institution last studied.

g) Any other certificate/document as required in the Advertisement.

07
